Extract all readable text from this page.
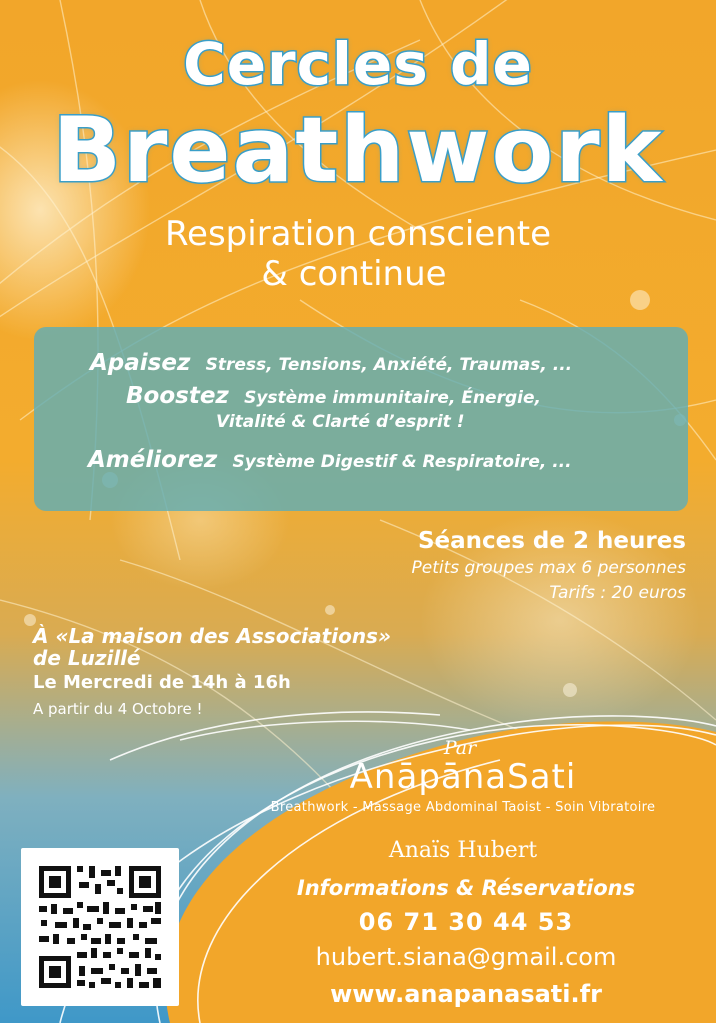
Cercles de
Breathwork
Respiration consciente
& continue
Apaisez Stress, Tensions, Anxiété, Traumas, ...
Boostez Système immunitaire, Énergie,
Vitalité & Clarté d’esprit !
Améliorez Système Digestif & Respiratoire, ...
Séances de 2 heures
Petits groupes max 6 personnes
Tarifs : 20 euros
À «La maison des Associations»
de Luzillé
Le Mercredi de 14h à 16h
A partir du 4 Octobre !
Par
AnāpānaSati
Breathwork - Massage Abdominal Taoist - Soin Vibratoire
Anaïs Hubert
Informations & Réservations
06 71 30 44 53
hubert.siana@gmail.com
www.anapanasati.fr
